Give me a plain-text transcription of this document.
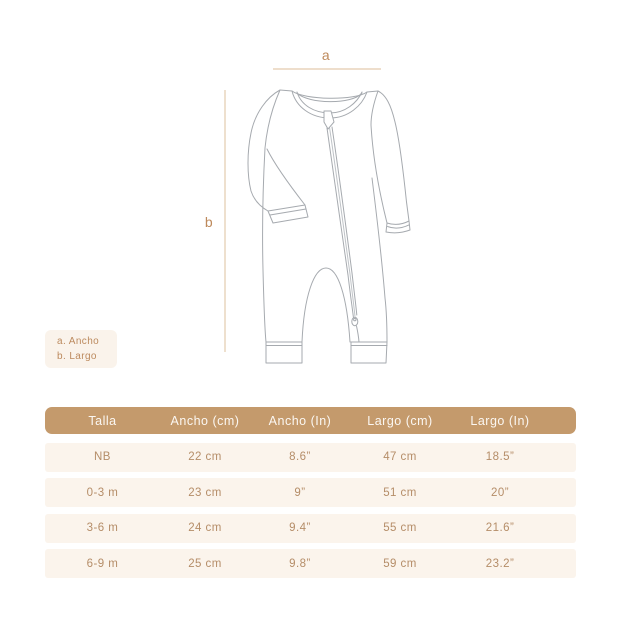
a
b
a. Ancho
b. Largo
Talla	Ancho (cm)	Ancho (In)	Largo (cm)	Largo (In)
NB	22 cm	8.6”	47 cm	18.5”
0-3 m	23 cm	9”	51 cm	20”
3-6 m	24 cm	9.4”	55 cm	21.6”
6-9 m	25 cm	9.8”	59 cm	23.2”
